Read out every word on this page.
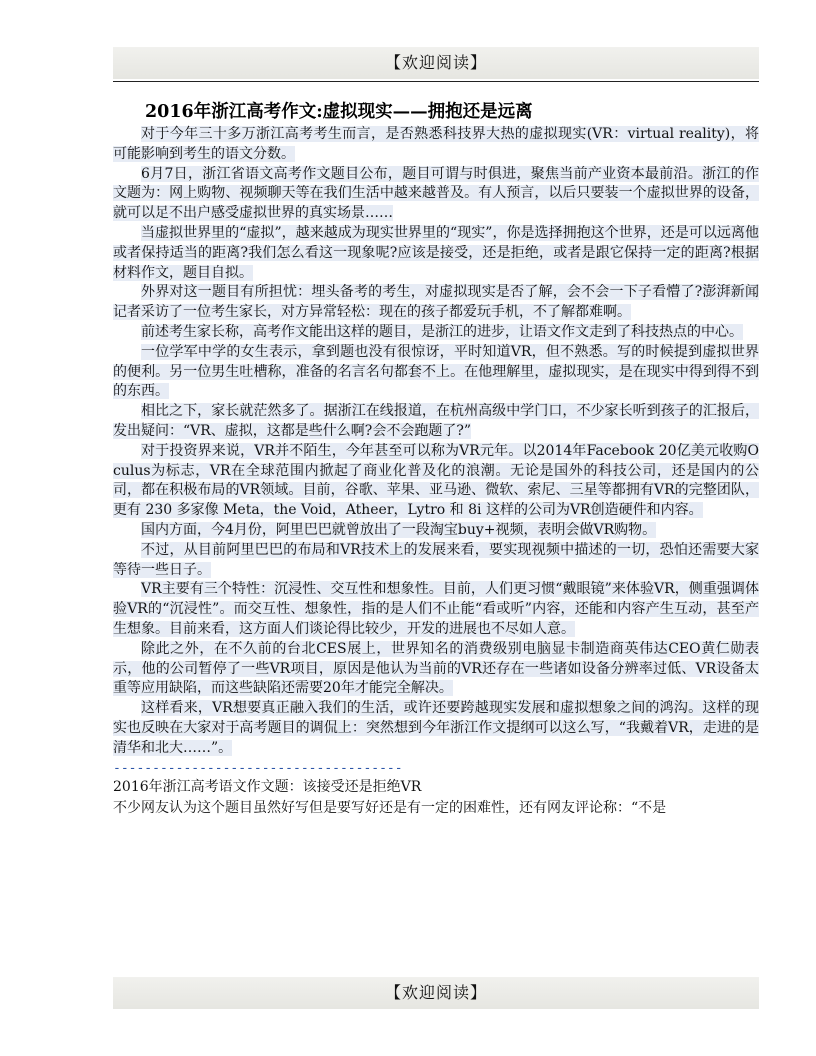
【欢迎阅读】
2016年浙江高考作文:虚拟现实——拥抱还是远离

对于今年三十多万浙江高考考生而言，是否熟悉科技界大热的虚拟现实(VR：virtual reality)，将可能影响到考生的语文分数。

6月7日，浙江省语文高考作文题目公布，题目可谓与时俱进，聚焦当前产业资本最前沿。浙江的作文题为：网上购物、视频聊天等在我们生活中越来越普及。有人预言，以后只要装一个虚拟世界的设备，就可以足不出户感受虚拟世界的真实场景……

当虚拟世界里的“虚拟”，越来越成为现实世界里的“现实”，你是选择拥抱这个世界，还是可以远离他或者保持适当的距离?我们怎么看这一现象呢?应该是接受，还是拒绝，或者是跟它保持一定的距离?根据材料作文，题目自拟。

外界对这一题目有所担忧：埋头备考的考生，对虚拟现实是否了解，会不会一下子看懵了?澎湃新闻记者采访了一位考生家长，对方异常轻松：现在的孩子都爱玩手机，不了解都难啊。

前述考生家长称，高考作文能出这样的题目，是浙江的进步，让语文作文走到了科技热点的中心。

一位学军中学的女生表示，拿到题也没有很惊讶，平时知道VR，但不熟悉。写的时候提到虚拟世界的便利。另一位男生吐槽称，准备的名言名句都套不上。在他理解里，虚拟现实，是在现实中得到得不到的东西。

相比之下，家长就茫然多了。据浙江在线报道，在杭州高级中学门口，不少家长听到孩子的汇报后，发出疑问：“VR、虚拟，这都是些什么啊?会不会跑题了?”

对于投资界来说，VR并不陌生，今年甚至可以称为VR元年。以2014年Facebook 20亿美元收购Oculus为标志，VR在全球范围内掀起了商业化普及化的浪潮。无论是国外的科技公司，还是国内的公司，都在积极布局的VR领域。目前，谷歌、苹果、亚马逊、微软、索尼、三星等都拥有VR的完整团队，更有 230 多家像 Meta，the Void，Atheer，Lytro 和 8i 这样的公司为VR创造硬件和内容。

国内方面，今4月份，阿里巴巴就曾放出了一段淘宝buy+视频，表明会做VR购物。

不过，从目前阿里巴巴的布局和VR技术上的发展来看，要实现视频中描述的一切，恐怕还需要大家等待一些日子。

VR主要有三个特性：沉浸性、交互性和想象性。目前，人们更习惯“戴眼镜”来体验VR，侧重强调体验VR的“沉浸性”。而交互性、想象性，指的是人们不止能“看或听”内容，还能和内容产生互动，甚至产生想象。目前来看，这方面人们谈论得比较少，开发的进展也不尽如人意。

除此之外，在不久前的台北CES展上，世界知名的消费级别电脑显卡制造商英伟达CEO黄仁勋表示，他的公司暂停了一些VR项目，原因是他认为当前的VR还存在一些诸如设备分辨率过低、VR设备太重等应用缺陷，而这些缺陷还需要20年才能完全解决。

这样看来，VR想要真正融入我们的生活，或许还要跨越现实发展和虚拟想象之间的鸿沟。这样的现实也反映在大家对于高考题目的调侃上：突然想到今年浙江作文提纲可以这么写，“我戴着VR，走进的是清华和北大……”。

-------------------------------------

2016年浙江高考语文作文题：该接受还是拒绝VR

不少网友认为这个题目虽然好写但是要写好还是有一定的困难性，还有网友评论称：“不是

【欢迎阅读】
